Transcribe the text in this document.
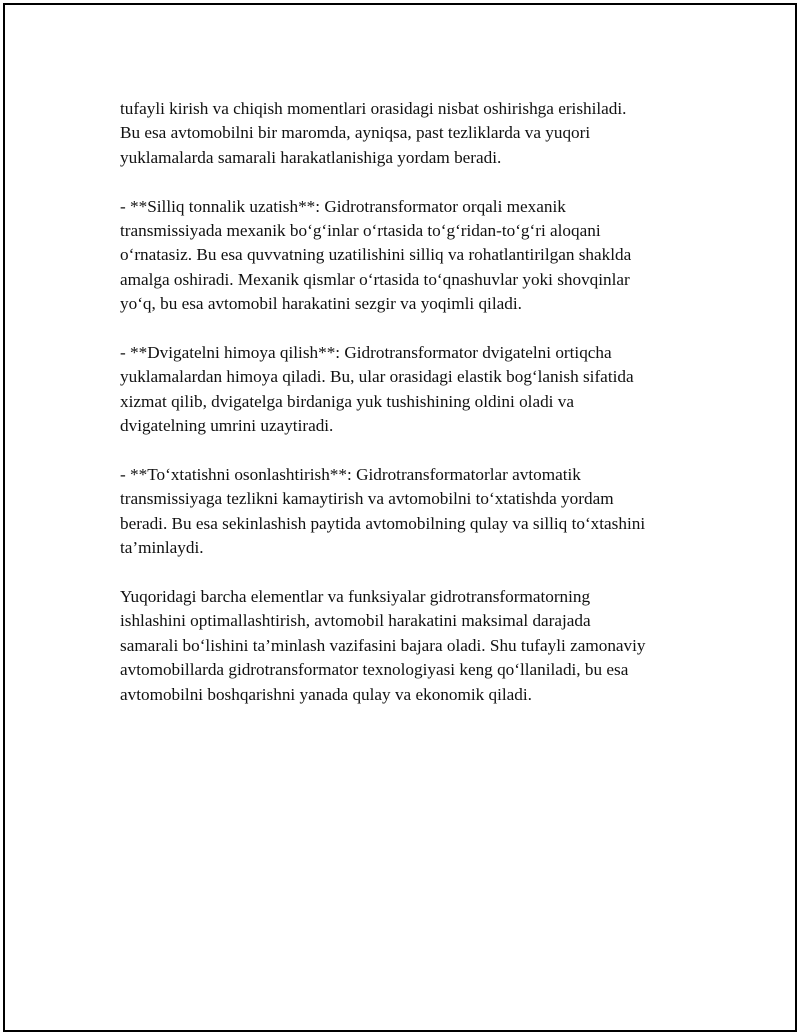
tufayli kirish va chiqish momentlari orasidagi nisbat oshirishga erishiladi.
Bu esa avtomobilni bir maromda, ayniqsa, past tezliklarda va yuqori
yuklamalarda samarali harakatlanishiga yordam beradi.

- **Silliq tonnalik uzatish**: Gidrotransformator orqali mexanik
transmissiyada mexanik bo‘g‘inlar o‘rtasida to‘g‘ridan-to‘g‘ri aloqani
o‘rnatasiz. Bu esa quvvatning uzatilishini silliq va rohatlantirilgan shaklda
amalga oshiradi. Mexanik qismlar o‘rtasida to‘qnashuvlar yoki shovqinlar
yo‘q, bu esa avtomobil harakatini sezgir va yoqimli qiladi.

- **Dvigatelni himoya qilish**: Gidrotransformator dvigatelni ortiqcha
yuklamalardan himoya qiladi. Bu, ular orasidagi elastik bog‘lanish sifatida
xizmat qilib, dvigatelga birdaniga yuk tushishining oldini oladi va
dvigatelning umrini uzaytiradi.

- **To‘xtatishni osonlashtirish**: Gidrotransformatorlar avtomatik
transmissiyaga tezlikni kamaytirish va avtomobilni to‘xtatishda yordam
beradi. Bu esa sekinlashish paytida avtomobilning qulay va silliq to‘xtashini
ta’minlaydi.

Yuqoridagi barcha elementlar va funksiyalar gidrotransformatorning
ishlashini optimallashtirish, avtomobil harakatini maksimal darajada
samarali bo‘lishini ta’minlash vazifasini bajara oladi. Shu tufayli zamonaviy
avtomobillarda gidrotransformator texnologiyasi keng qo‘llaniladi, bu esa
avtomobilni boshqarishni yanada qulay va ekonomik qiladi.
